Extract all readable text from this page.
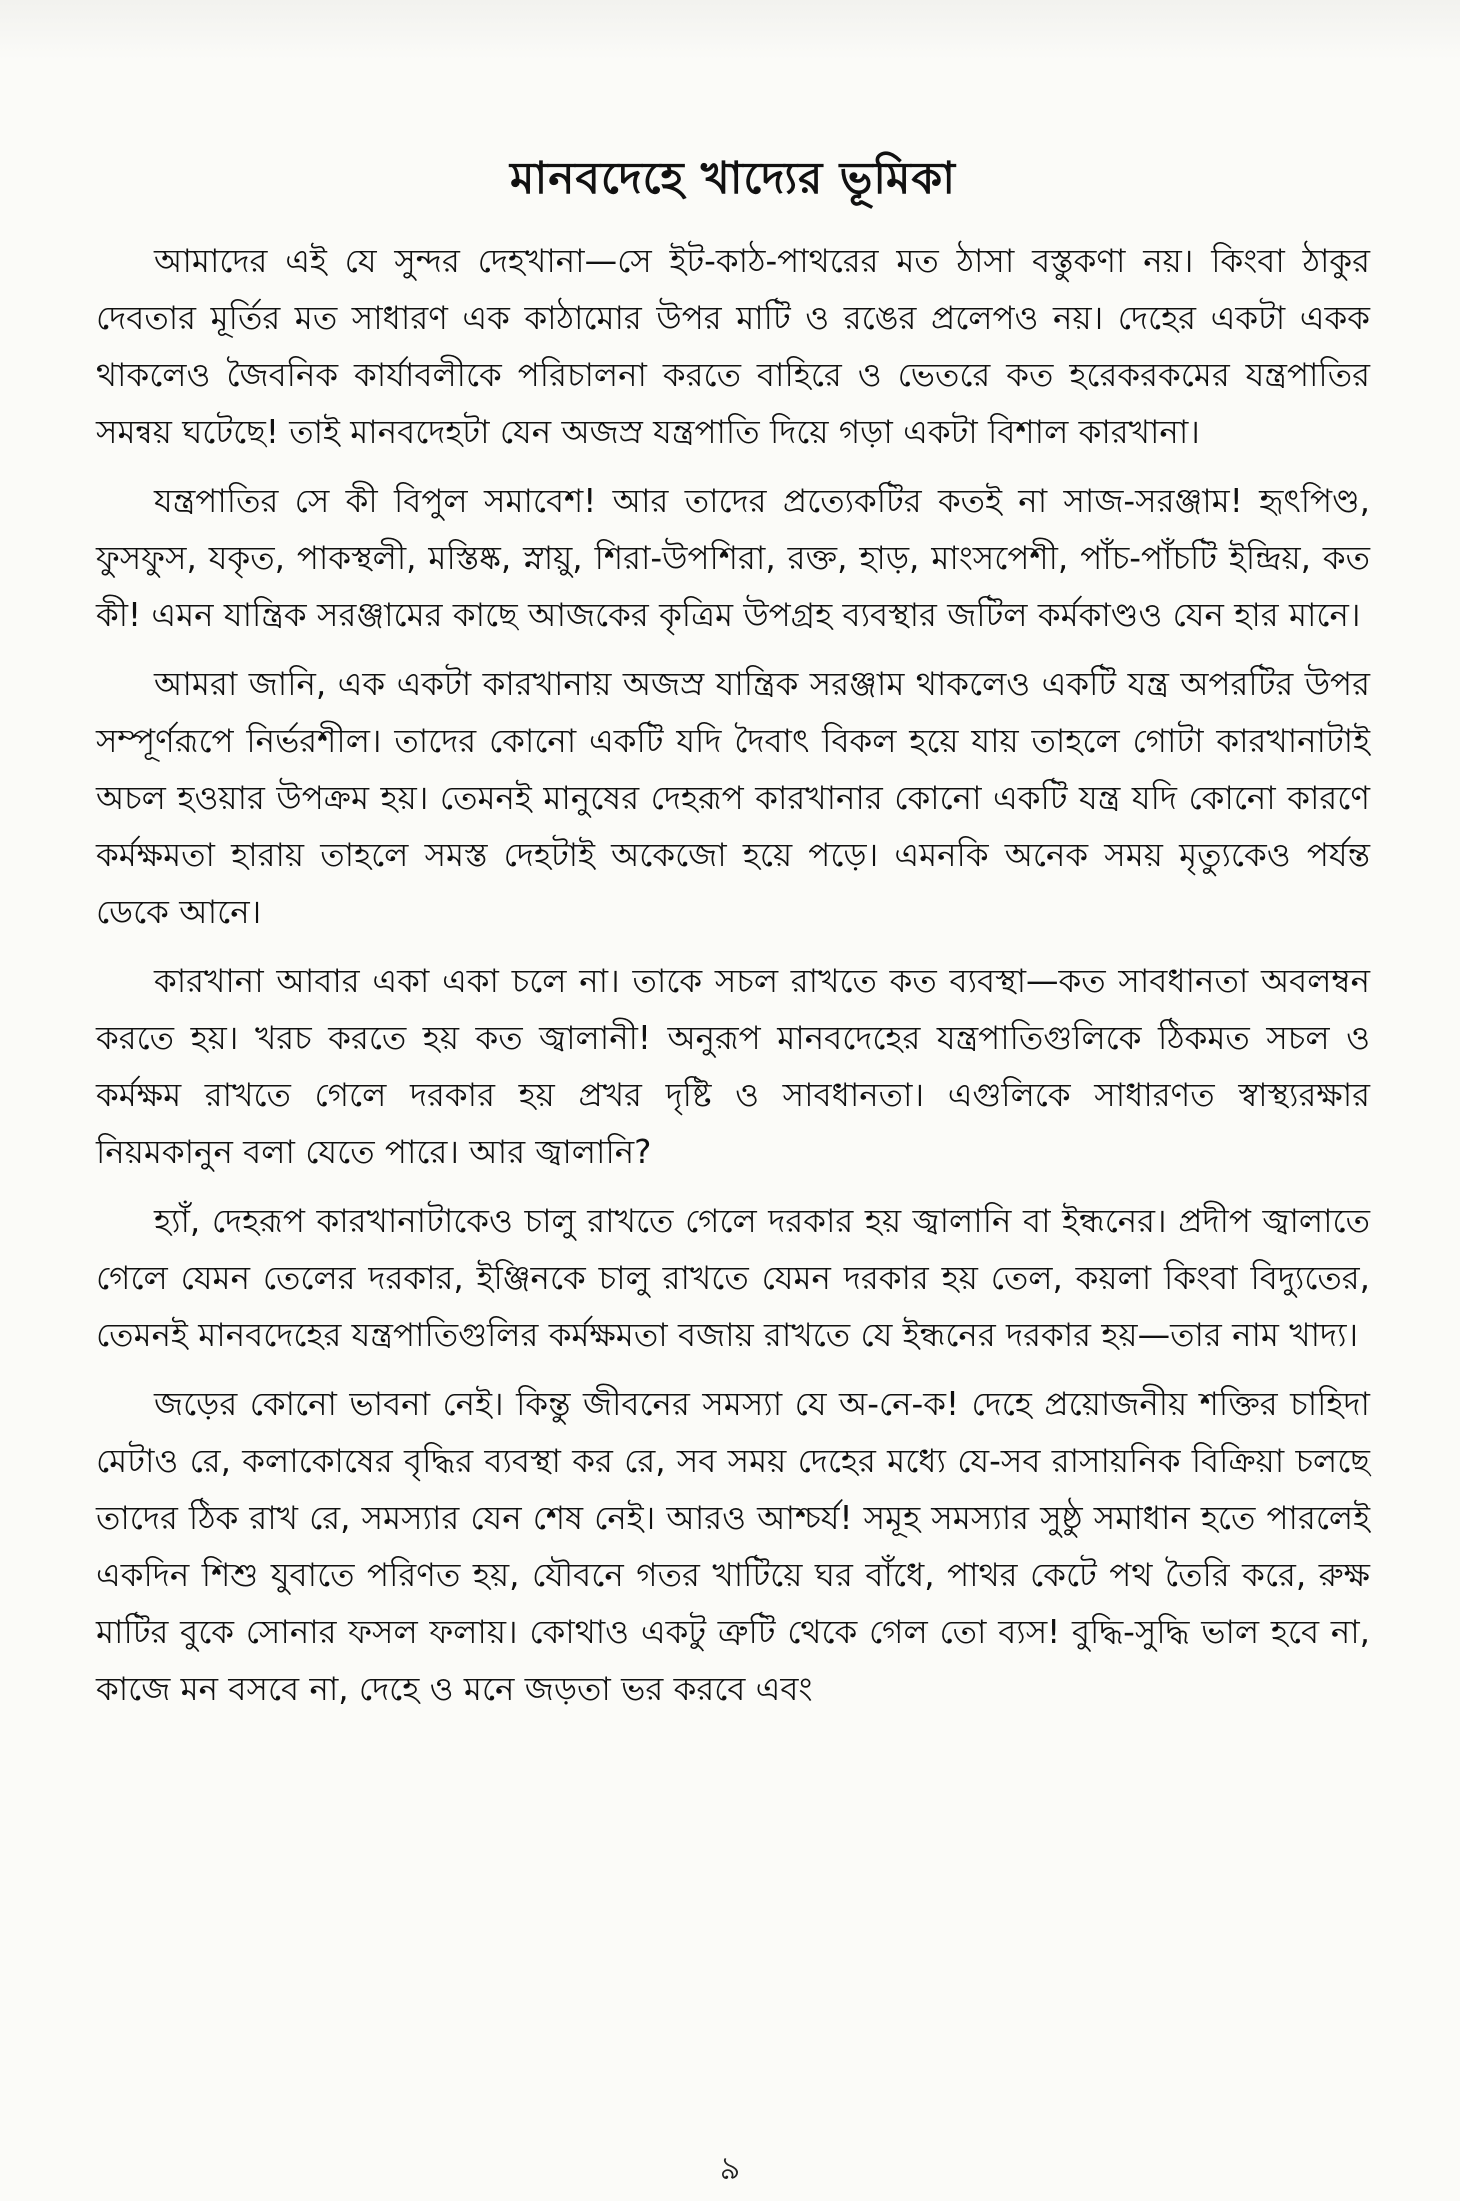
মানবদেহে খাদ্যের ভূমিকা

আমাদের এই যে সুন্দর দেহখানা—সে ইট-কাঠ-পাথরের মত ঠাসা বস্তুকণা নয়। কিংবা ঠাকুর দেবতার মূর্তির মত সাধারণ এক কাঠামোর উপর মাটি ও রঙের প্রলেপও নয়। দেহের একটা একক থাকলেও জৈবনিক কার্যাবলীকে পরিচালনা করতে বাহিরে ও ভেতরে কত হরেকরকমের যন্ত্রপাতির সমন্বয় ঘটেছে! তাই মানবদেহটা যেন অজস্র যন্ত্রপাতি দিয়ে গড়া একটা বিশাল কারখানা।

যন্ত্রপাতির সে কী বিপুল সমাবেশ! আর তাদের প্রত্যেকটির কতই না সাজ-সরঞ্জাম! হৃৎপিণ্ড, ফুসফুস, যকৃত, পাকস্থলী, মস্তিষ্ক, স্নায়ু, শিরা-উপশিরা, রক্ত, হাড়, মাংসপেশী, পাঁচ-পাঁচটি ইন্দ্রিয়, কত কী! এমন যান্ত্রিক সরঞ্জামের কাছে আজকের কৃত্রিম উপগ্রহ ব্যবস্থার জটিল কর্মকাণ্ডও যেন হার মানে।

আমরা জানি, এক একটা কারখানায় অজস্র যান্ত্রিক সরঞ্জাম থাকলেও একটি যন্ত্র অপরটির উপর সম্পূর্ণরূপে নির্ভরশীল। তাদের কোনো একটি যদি দৈবাৎ বিকল হয়ে যায় তাহলে গোটা কারখানাটাই অচল হওয়ার উপক্রম হয়। তেমনই মানুষের দেহরূপ কারখানার কোনো একটি যন্ত্র যদি কোনো কারণে কর্মক্ষমতা হারায় তাহলে সমস্ত দেহটাই অকেজো হয়ে পড়ে। এমনকি অনেক সময় মৃত্যুকেও পর্যন্ত ডেকে আনে।

কারখানা আবার একা একা চলে না। তাকে সচল রাখতে কত ব্যবস্থা—কত সাবধানতা অবলম্বন করতে হয়। খরচ করতে হয় কত জ্বালানী! অনুরূপ মানবদেহের যন্ত্রপাতিগুলিকে ঠিকমত সচল ও কর্মক্ষম রাখতে গেলে দরকার হয় প্রখর দৃষ্টি ও সাবধানতা। এগুলিকে সাধারণত স্বাস্থ্যরক্ষার নিয়মকানুন বলা যেতে পারে। আর জ্বালানি?

হ্যাঁ, দেহরূপ কারখানাটাকেও চালু রাখতে গেলে দরকার হয় জ্বালানি বা ইন্ধনের। প্রদীপ জ্বালাতে গেলে যেমন তেলের দরকার, ইঞ্জিনকে চালু রাখতে যেমন দরকার হয় তেল, কয়লা কিংবা বিদ্যুতের, তেমনই মানবদেহের যন্ত্রপাতিগুলির কর্মক্ষমতা বজায় রাখতে যে ইন্ধনের দরকার হয়—তার নাম খাদ্য।

জড়ের কোনো ভাবনা নেই। কিন্তু জীবনের সমস্যা যে অ-নে-ক! দেহে প্রয়োজনীয় শক্তির চাহিদা মেটাও রে, কলাকোষের বৃদ্ধির ব্যবস্থা কর রে, সব সময় দেহের মধ্যে যে-সব রাসায়নিক বিক্রিয়া চলছে তাদের ঠিক রাখ রে, সমস্যার যেন শেষ নেই। আরও আশ্চর্য! সমূহ সমস্যার সুষ্ঠু সমাধান হতে পারলেই একদিন শিশু যুবাতে পরিণত হয়, যৌবনে গতর খাটিয়ে ঘর বাঁধে, পাথর কেটে পথ তৈরি করে, রুক্ষ মাটির বুকে সোনার ফসল ফলায়। কোথাও একটু ত্রুটি থেকে গেল তো ব্যস! বুদ্ধি-সুদ্ধি ভাল হবে না, কাজে মন বসবে না, দেহে ও মনে জড়তা ভর করবে এবং

৯
